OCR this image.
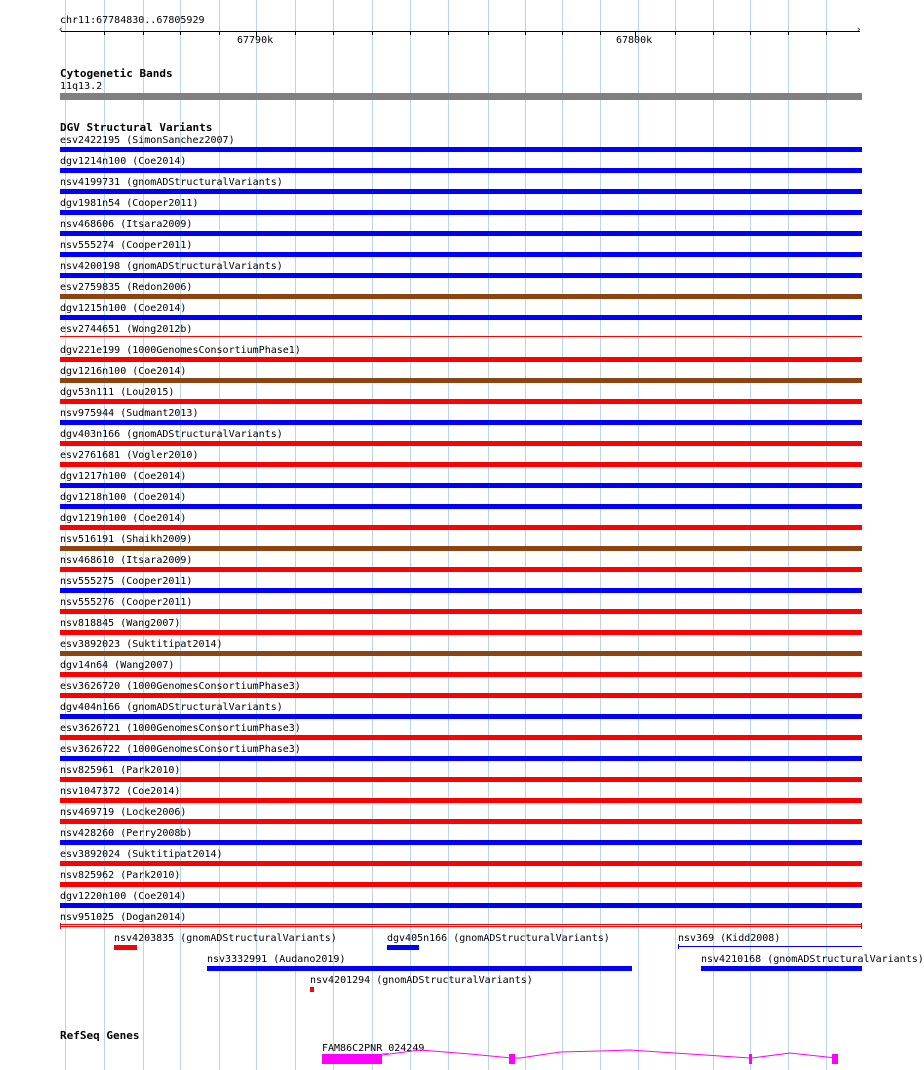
chr11:67784830..67805929
‹	›
67790k	67800k
Cytogenetic Bands
11q13.2
DGV Structural Variants
esv2422195 (SimonSanchez2007)
dgv1214n100 (Coe2014)
nsv4199731 (gnomADStructuralVariants)
dgv1981n54 (Cooper2011)
nsv468606 (Itsara2009)
nsv555274 (Cooper2011)
nsv4200198 (gnomADStructuralVariants)
esv2759835 (Redon2006)
dgv1215n100 (Coe2014)
esv2744651 (Wong2012b)
dgv221e199 (1000GenomesConsortiumPhase1)
dgv1216n100 (Coe2014)
dgv53n111 (Lou2015)
nsv975944 (Sudmant2013)
dgv403n166 (gnomADStructuralVariants)
esv2761681 (Vogler2010)
dgv1217n100 (Coe2014)
dgv1218n100 (Coe2014)
dgv1219n100 (Coe2014)
nsv516191 (Shaikh2009)
nsv468610 (Itsara2009)
nsv555275 (Cooper2011)
nsv555276 (Cooper2011)
nsv818845 (Wang2007)
esv3892023 (Suktitipat2014)
dgv14n64 (Wang2007)
esv3626720 (1000GenomesConsortiumPhase3)
dgv404n166 (gnomADStructuralVariants)
esv3626721 (1000GenomesConsortiumPhase3)
esv3626722 (1000GenomesConsortiumPhase3)
nsv825961 (Park2010)
nsv1047372 (Coe2014)
nsv469719 (Locke2006)
nsv428260 (Perry2008b)
esv3892024 (Suktitipat2014)
nsv825962 (Park2010)
dgv1220n100 (Coe2014)
nsv951025 (Dogan2014)
nsv4203835 (gnomADStructuralVariants)	dgv405n166 (gnomADStructuralVariants)	nsv369 (Kidd2008)
nsv3332991 (Audano2019)	nsv4210168 (gnomADStructuralVariants)
nsv4201294 (gnomADStructuralVariants)
RefSeq Genes
FAM86C2PNR_024249
